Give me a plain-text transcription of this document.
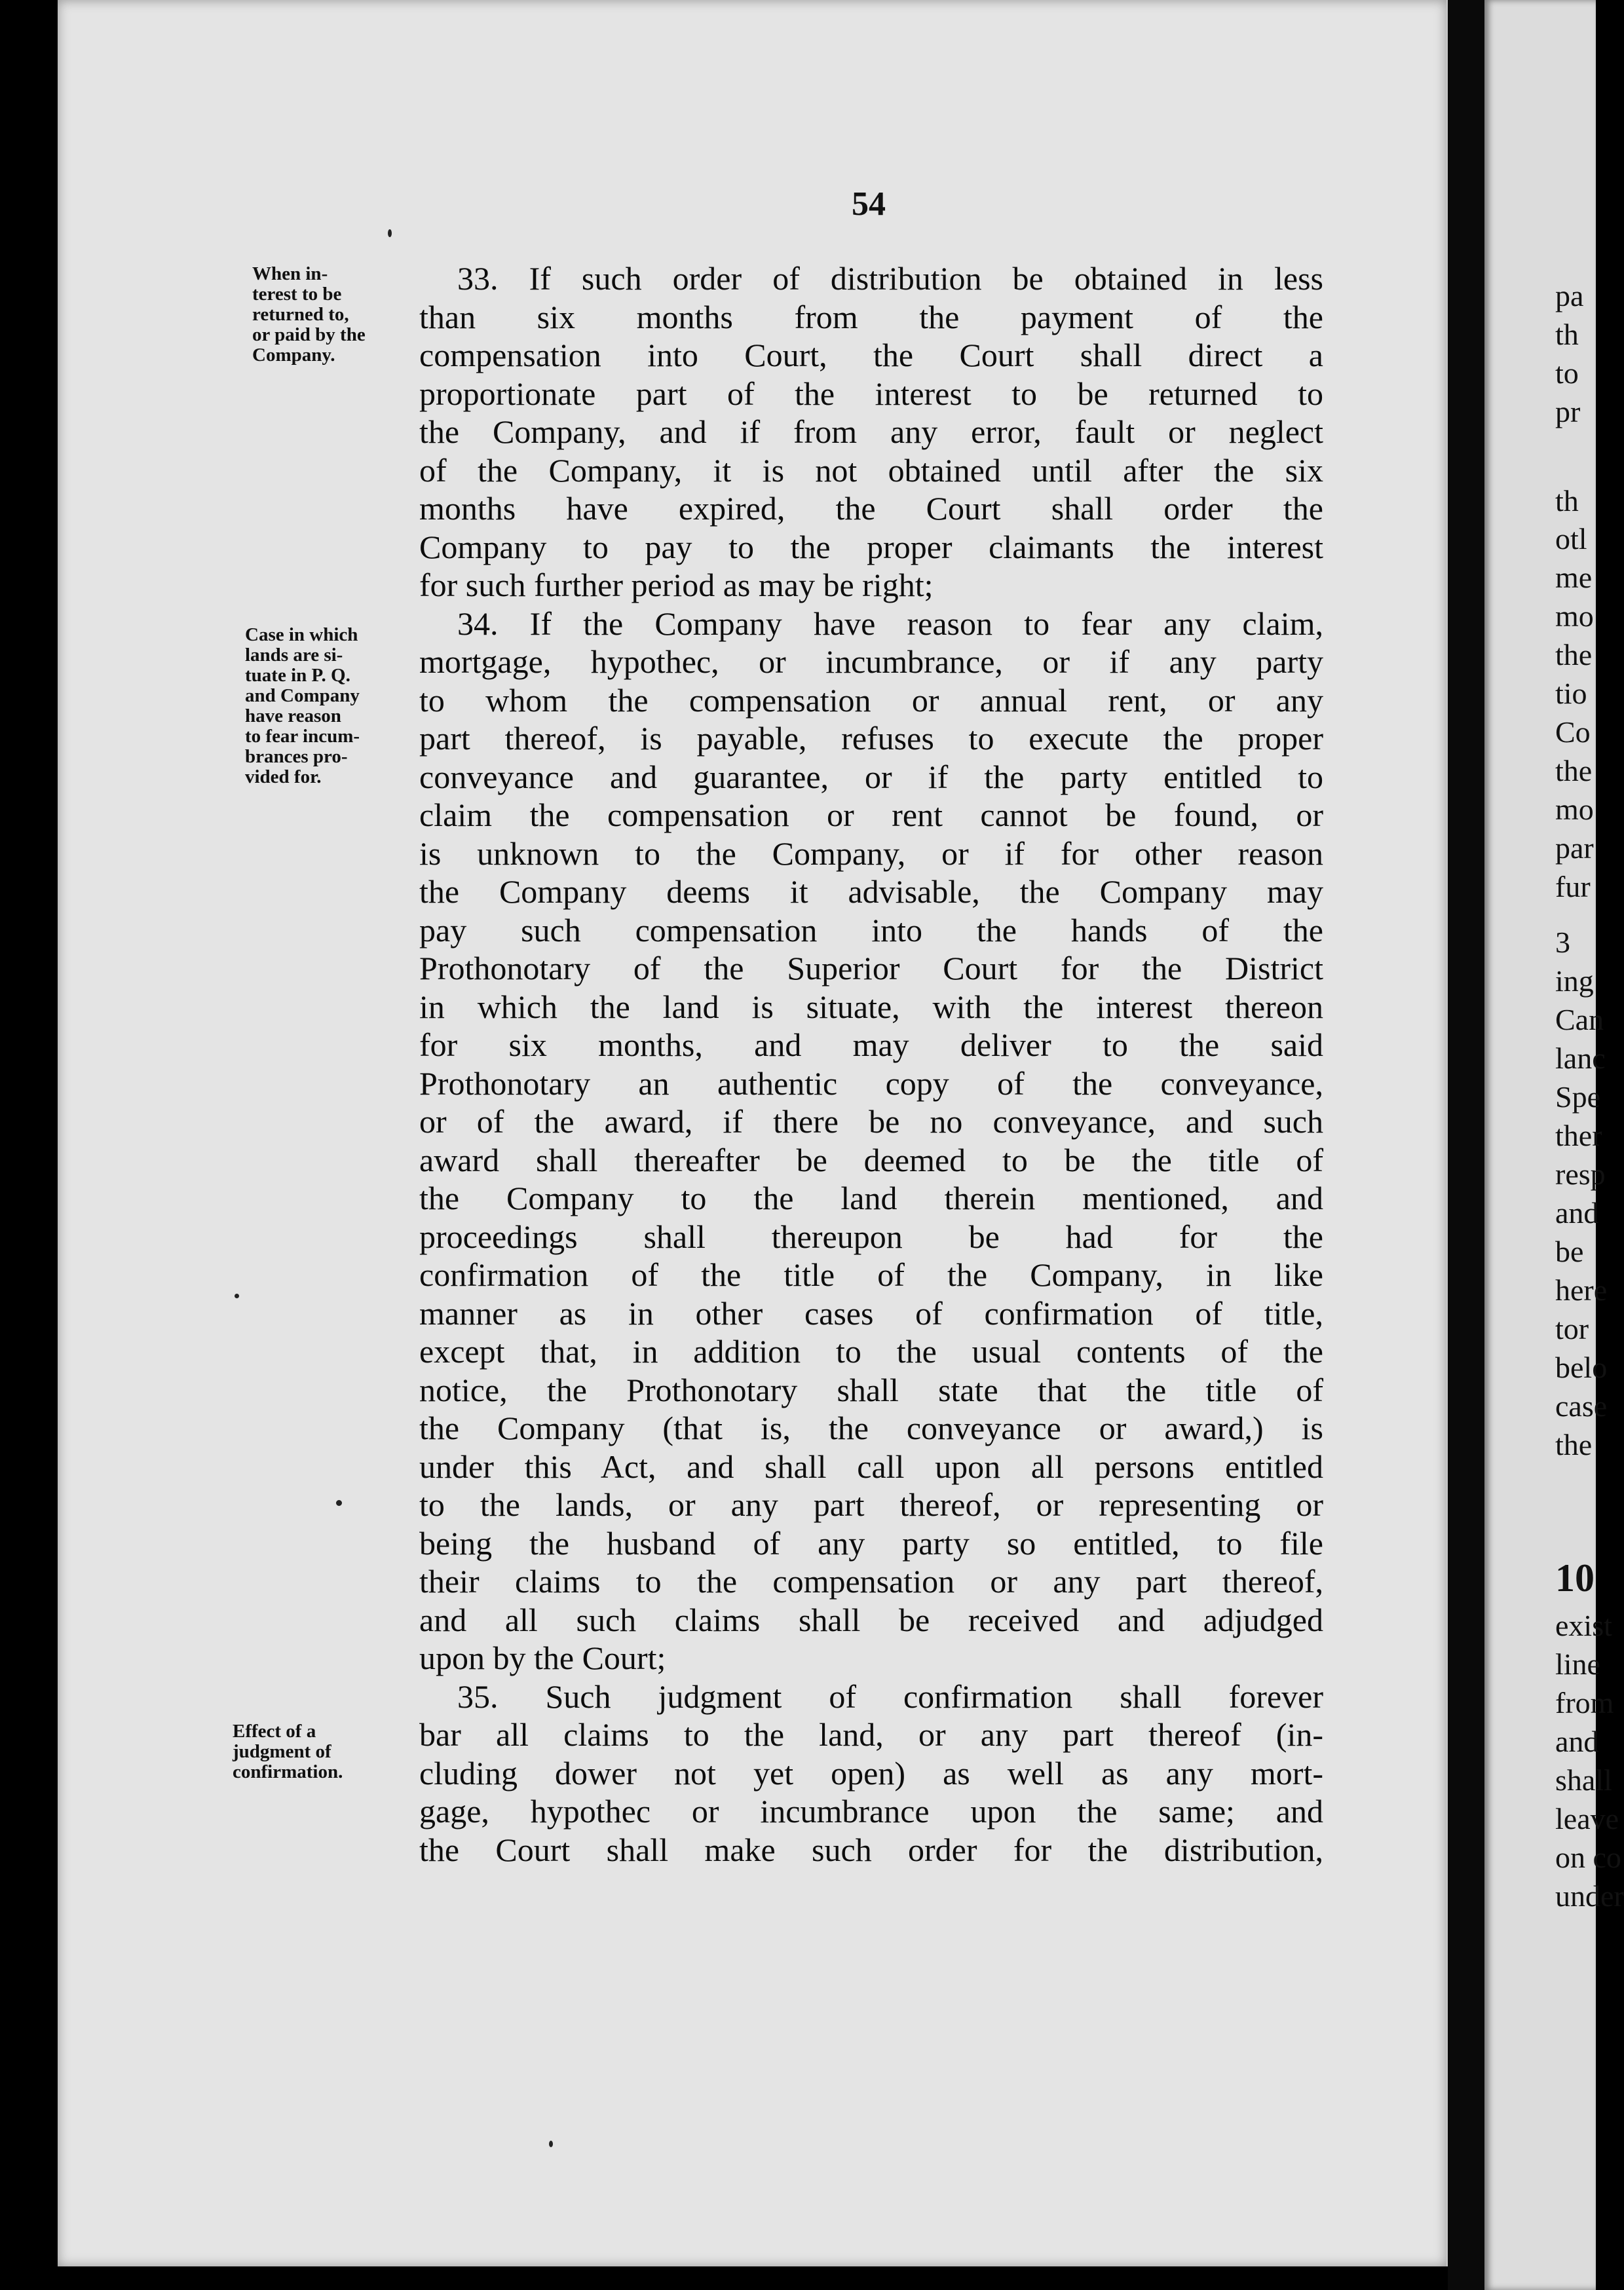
54
When in-
terest to be
returned to,
or paid by the
Company.
Case in which
lands are si-
tuate in P. Q.
and Company
have reason
to fear incum-
brances pro-
vided for.
Effect of a
judgment of
confirmation.
33. If such order of distribution be obtained in less
than six months from the payment of the
compensation into Court, the Court shall direct a
proportionate part of the interest to be returned to
the Company, and if from any error, fault or neglect
of the Company, it is not obtained until after the six
months have expired, the Court shall order the
Company to pay to the proper claimants the interest
for such further period as may be right;
34. If the Company have reason to fear any claim,
mortgage, hypothec, or incumbrance, or if any party
to whom the compensation or annual rent, or any
part thereof, is payable, refuses to execute the proper
conveyance and guarantee, or if the party entitled to
claim the compensation or rent cannot be found, or
is unknown to the Company, or if for other reason
the Company deems it advisable, the Company may
pay such compensation into the hands of the
Prothonotary of the Superior Court for the District
in which the land is situate, with the interest thereon
for six months, and may deliver to the said
Prothonotary an authentic copy of the conveyance,
or of the award, if there be no conveyance, and such
award shall thereafter be deemed to be the title of
the Company to the land therein mentioned, and
proceedings shall thereupon be had for the
confirmation of the title of the Company, in like
manner as in other cases of confirmation of title,
except that, in addition to the usual contents of the
notice, the Prothonotary shall state that the title of
the Company (that is, the conveyance or award,) is
under this Act, and shall call upon all persons entitled
to the lands, or any part thereof, or representing or
being the husband of any party so entitled, to file
their claims to the compensation or any part thereof,
and all such claims shall be received and adjudged
upon by the Court;
35. Such judgment of confirmation shall forever
bar all claims to the land, or any part thereof (in-
cluding dower not yet open) as well as any mort-
gage, hypothec or incumbrance upon the same; and
the Court shall make such order for the distribution,
pa
th
to
pr
th
otl
me
mo
the
tio
Co
the
mo
par
fur
3
ing
Can
lanc
Spe
ther
resp
and
be
here
tor
belo
case
the
10
exist
line
from
and
shall
leave
on co
under
